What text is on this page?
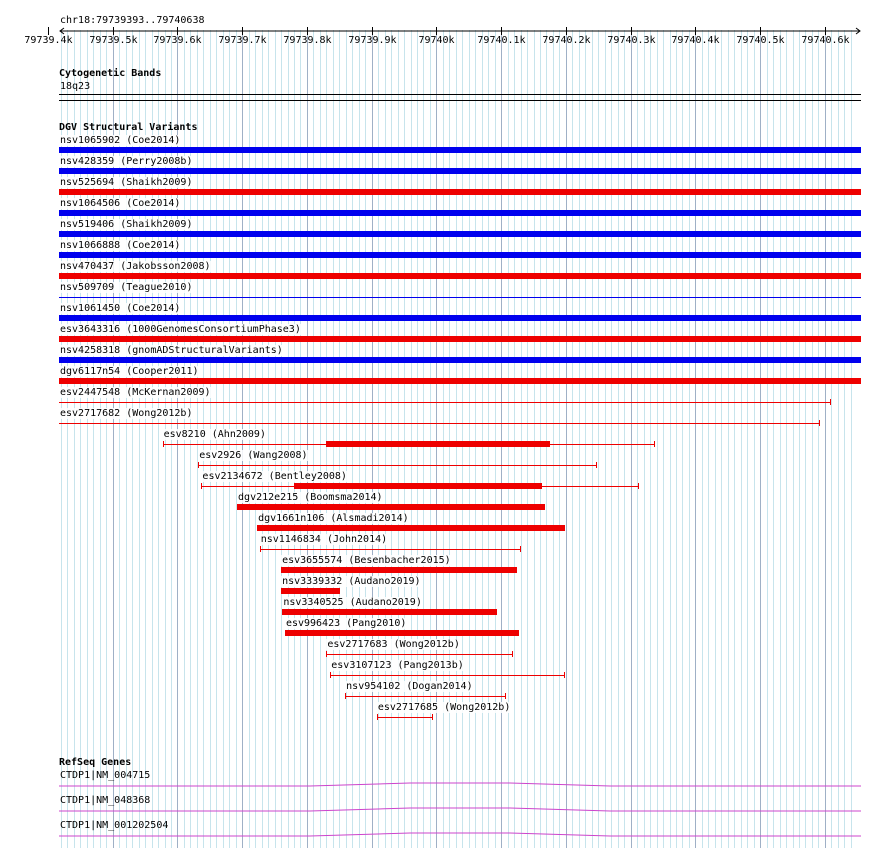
chr18:79739393..79740638
79739.4k 79739.5k 79739.6k 79739.7k 79739.8k 79739.9k 79740k 79740.1k 79740.2k 79740.3k 79740.4k 79740.5k 79740.6k
Cytogenetic Bands
18q23
DGV Structural Variants
nsv1065902 (Coe2014)
nsv428359 (Perry2008b)
nsv525694 (Shaikh2009)
nsv1064506 (Coe2014)
nsv519406 (Shaikh2009)
nsv1066888 (Coe2014)
nsv470437 (Jakobsson2008)
nsv509709 (Teague2010)
nsv1061450 (Coe2014)
esv3643316 (1000GenomesConsortiumPhase3)
nsv4258318 (gnomADStructuralVariants)
dgv6117n54 (Cooper2011)
esv2447548 (McKernan2009)
esv2717682 (Wong2012b)
esv8210 (Ahn2009)
esv2926 (Wang2008)
esv2134672 (Bentley2008)
dgv212e215 (Boomsma2014)
dgv1661n106 (Alsmadi2014)
nsv1146834 (John2014)
esv3655574 (Besenbacher2015)
nsv3339332 (Audano2019)
nsv3340525 (Audano2019)
esv996423 (Pang2010)
esv2717683 (Wong2012b)
esv3107123 (Pang2013b)
nsv954102 (Dogan2014)
esv2717685 (Wong2012b)
RefSeq Genes
CTDP1|NM_004715
CTDP1|NM_048368
CTDP1|NM_001202504
